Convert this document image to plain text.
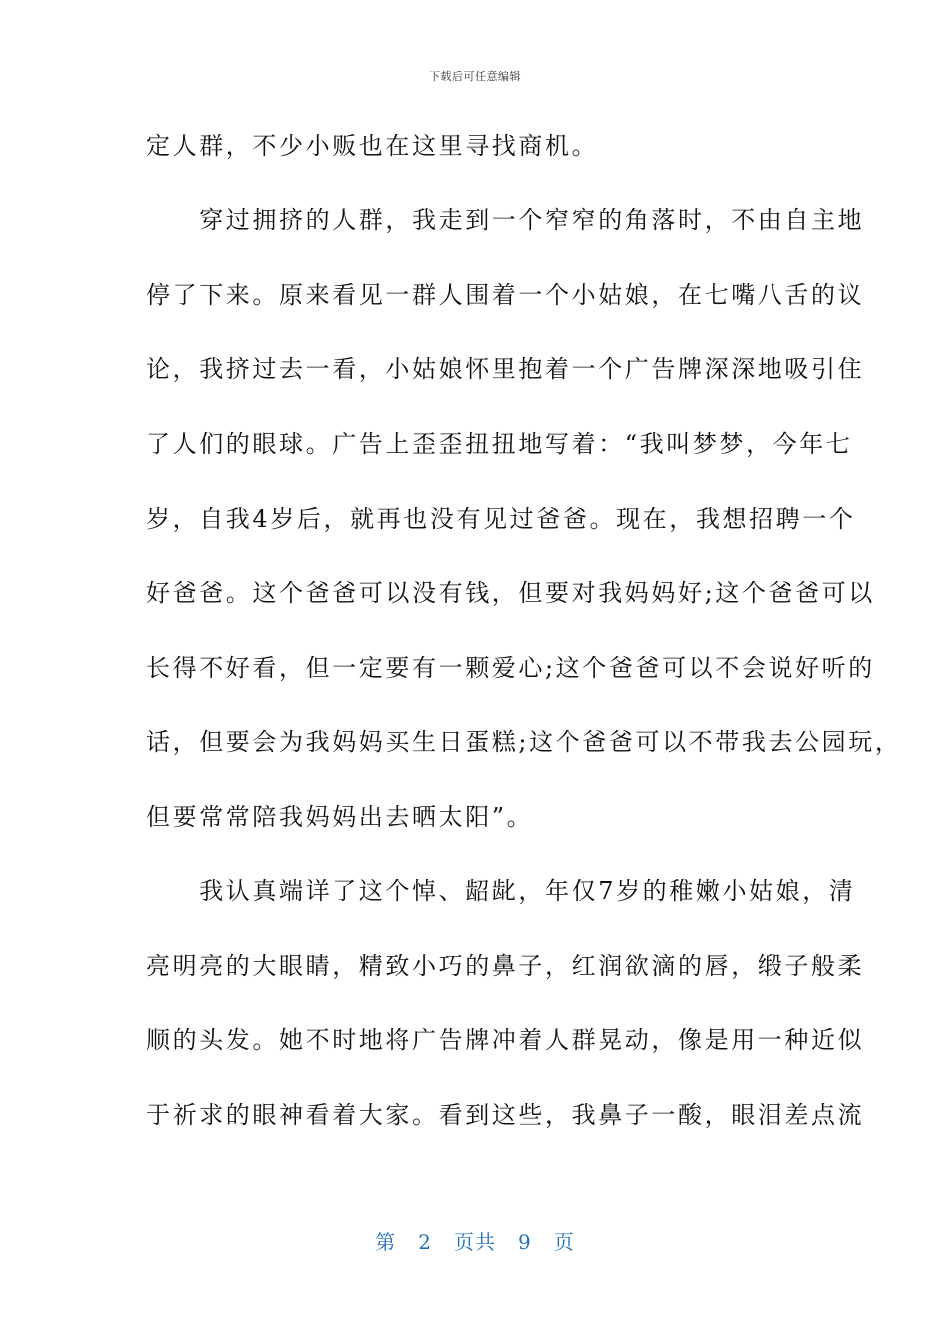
下载后可任意编辑
定人群，不少小贩也在这里寻找商机。
　　穿过拥挤的人群，我走到一个窄窄的角落时，不由自主地
停了下来。原来看见一群人围着一个小姑娘，在七嘴八舌的议
论，我挤过去一看，小姑娘怀里抱着一个广告牌深深地吸引住
了人们的眼球。广告上歪歪扭扭地写着：“我叫梦梦，今年七
岁，自我4岁后，就再也没有见过爸爸。现在，我想招聘一个
好爸爸。这个爸爸可以没有钱，但要对我妈妈好;这个爸爸可以
长得不好看，但一定要有一颗爱心;这个爸爸可以不会说好听的
话，但要会为我妈妈买生日蛋糕;这个爸爸可以不带我去公园玩，
但要常常陪我妈妈出去晒太阳”。
　　我认真端详了这个悼、龆龀，年仅7岁的稚嫩小姑娘，清
亮明亮的大眼睛，精致小巧的鼻子，红润欲滴的唇，缎子般柔
顺的头发。她不时地将广告牌冲着人群晃动，像是用一种近似
于祈求的眼神看着大家。看到这些，我鼻子一酸，眼泪差点流
第 2 页共 9 页
